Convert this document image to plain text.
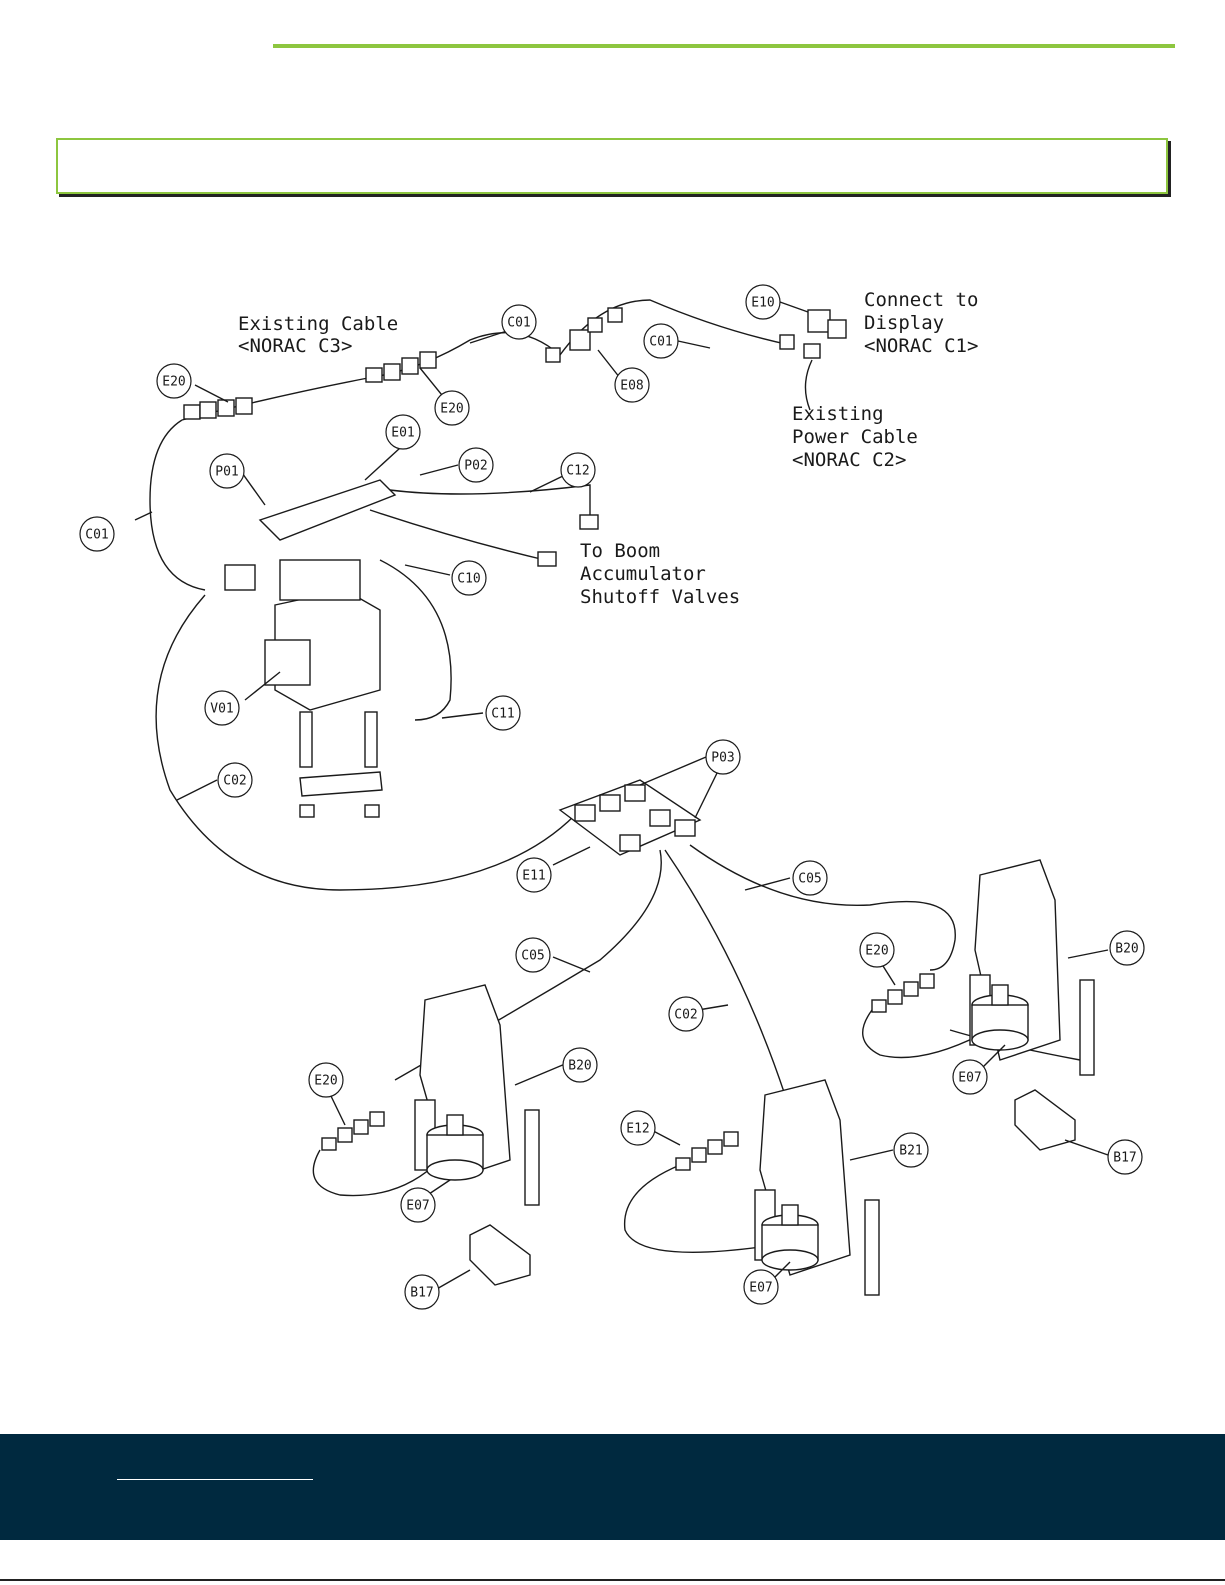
E10
C01
C01
C01
E20
E20
E08
E01
P01	P02	C12
C10
V01	C11
C02
P03
E11	C05
C05
C02
E20	B20
E07
B17
E20
B20
E07
B17
E12
B21
E07
Existing Cable
<NORAC C3>
Connect to
Display
<NORAC C1>
Existing
Power Cable
<NORAC C2>
To Boom
Accumulator
Shutoff Valves
